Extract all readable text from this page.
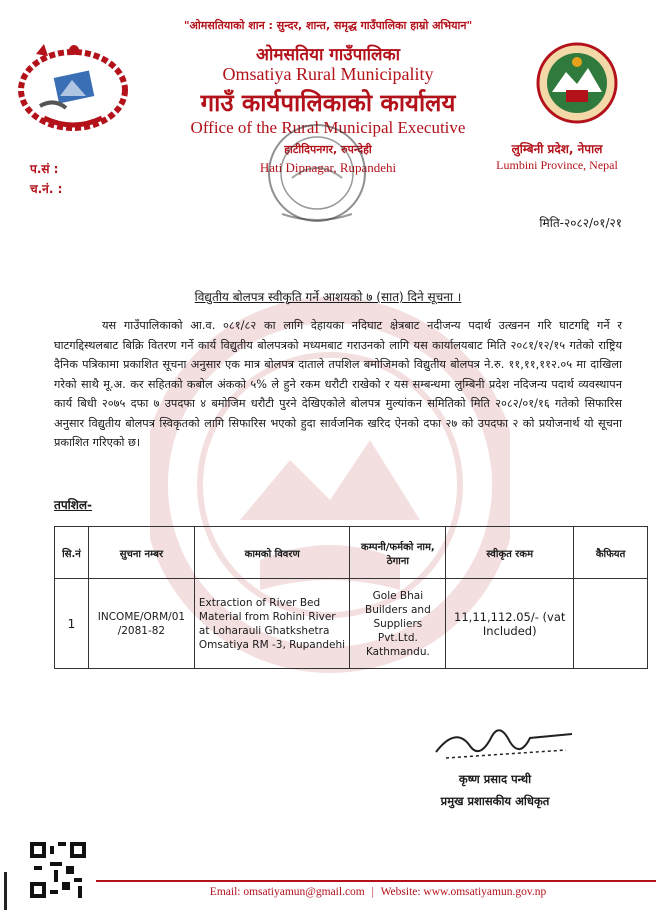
"ओमसतियाको शान : सुन्दर, शान्त, समृद्ध गाउँपालिका हाम्रो अभियान"
ओमसतिया गाउँपालिका
Omsatiya Rural Municipality
गाउँ कार्यपालिकाको कार्यालय
Office of the Rural Municipal Executive
हाटीदिपनगर, रुपन्देही
Hati Dipnagar, Rupandehi
लुम्बिनी प्रदेश, नेपाल
Lumbini Province, Nepal
प.सं :
च.नं. :
मिति-२०८२/०१/२१
विद्युतीय बोलपत्र स्वीकृति गर्ने आशयको ७ (सात) दिने सूचना ।

यस गाउँपालिकाको आ.व. ०८१/८२ का लागि देहायका नदिघाट क्षेत्रबाट नदीजन्य पदार्थ उत्खनन गरि घाटगद्दि गर्ने र घाटगद्दिस्थलबाट बिक्रि वितरण गर्ने कार्य विद्युतीय बोलपत्रको मध्यमबाट गराउनको लागि यस कार्यालयबाट मिति २०८१/१२/१५ गतेको राष्ट्रिय दैनिक पत्रिकामा प्रकाशित सूचना अनुसार एक मात्र बोलपत्र दाताले तपशिल बमोजिमको विद्युतीय बोलपत्र ने.रु. ११,११,११२.०५ मा दाखिला गरेको साथै मू.अ. कर सहितको कबोल अंकको ५% ले हुने रकम धरौटी राखेको र यस सम्बन्धमा लुम्बिनी प्रदेश नदिजन्य पदार्थ व्यवस्थापन कार्य बिधी २०७५ दफा ७ उपदफा ४ बमोजिम धरौटी पुरने देखिएकोले बोलपत्र मुल्यांकन समितिको मिति २०८२/०१/१६ गतेको सिफारिस अनुसार विद्युतीय बोलपत्र स्विकृतको लागि सिफारिस भएको हुदा सार्वजनिक खरिद ऐनको दफा २७ को उपदफा २ को प्रयोजनार्थ यो सूचना प्रकाशित गरिएको छ।

तपशिल-
सि.नं	सुचना नम्बर	कामको विवरण	कम्पनी/फर्मको नाम, ठेगाना	स्वीकृत रकम	कैफियत
1	INCOME/ORM/01 /2081-82	Extraction of River Bed Material from Rohini River at Loharauli Ghatkshetra Omsatiya RM -3, Rupandehi	Gole Bhai Builders and Suppliers Pvt.Ltd. Kathmandu.	11,11,112.05/- (vat Included)	
कृष्ण प्रसाद पन्थी
प्रमुख प्रशासकीय अधिकृत
Email: omsatiyamun@gmail.com | Website: www.omsatiyamun.gov.np
